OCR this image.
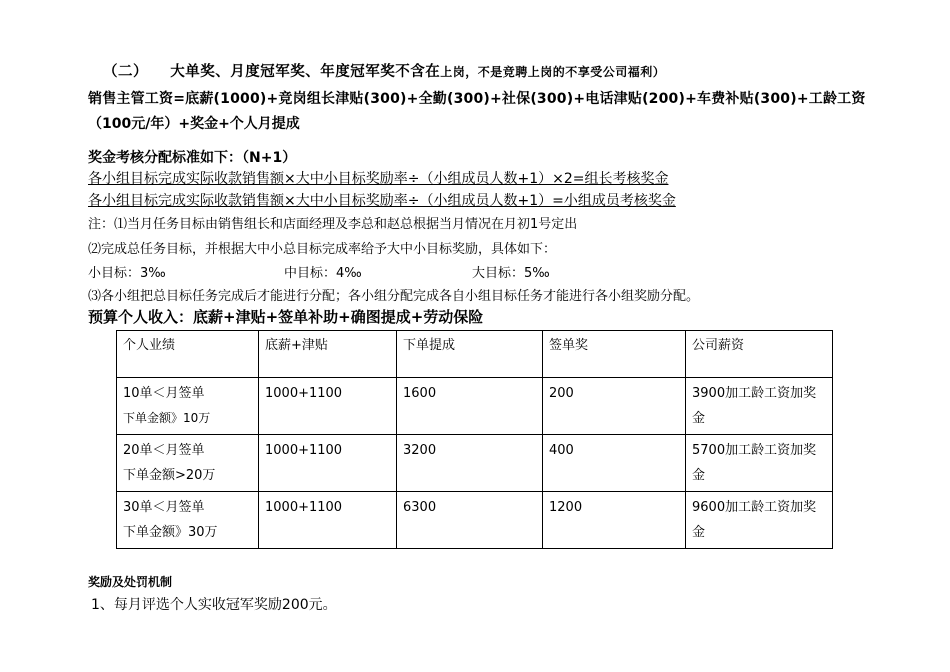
（二） 大单奖、月度冠军奖、年度冠军奖不含在上岗，不是竞聘上岗的不享受公司福利）
销售主管工资=底薪(1000)+竞岗组长津贴(300)+全勤(300)+社保(300)+电话津贴(200)+车费补贴(300)+工龄工资
（100元/年）+奖金+个人月提成
奖金考核分配标准如下：（N+1）
各小组目标完成实际收款销售额×大中小目标奖励率÷（小组成员人数+1）×2=组长考核奖金
各小组目标完成实际收款销售额×大中小目标奖励率÷（小组成员人数+1）=小组成员考核奖金
注：⑴当月任务目标由销售组长和店面经理及李总和赵总根据当月情况在月初1号定出
⑵完成总任务目标，并根据大中小总目标完成率给予大中小目标奖励，具体如下：
小目标：3‰	中目标：4‰	大目标：5‰
⑶各小组把总目标任务完成后才能进行分配；各小组分配完成各自小组目标任务才能进行各小组奖励分配。
预算个人收入：底薪+津贴+签单补助+确图提成+劳动保险
个人业绩	底薪+津贴	下单提成	签单奖	公司薪资

10单＜月签单
下单金额》10万	1000+1100	1600	200	3900加工龄工资加奖金

20单＜月签单
下单金额>20万	1000+1100	3200	400	5700加工龄工资加奖金

30单＜月签单
下单金额》30万	1000+1100	6300	1200	9600加工龄工资加奖金
奖励及处罚机制
1、每月评选个人实收冠军奖励200元。
